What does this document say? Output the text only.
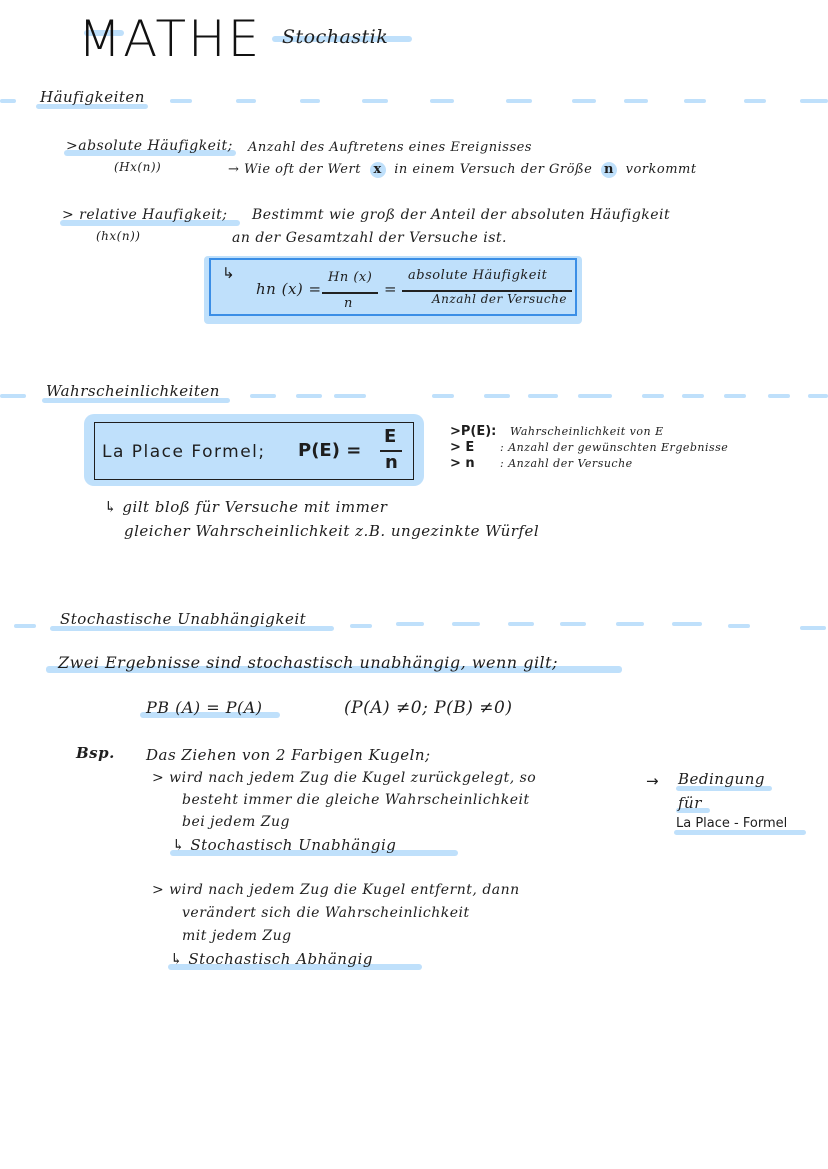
MATHE Stochastik
Häufigkeiten
>absolute Häufigkeit; Anzahl des Auftretens eines Ereignisses
(Hx(n))	→ Wie oft der Wert x in einem Versuch der Größe n vorkommt
> relative Haufigkeit; Bestimmt wie groß der Anteil der absoluten Häufigkeit
(hx(n))	an der Gesamtzahl der Versuche ist.
↳
hn (x) =
Hn (x)
n
=
absolute Häufigkeit
Anzahl der Versuche
Wahrscheinlichkeiten
La Place Formel; P(E) =
E
n
>P(E): Wahrscheinlichkeit von E
> E : Anzahl der gewünschten Ergebnisse
> n : Anzahl der Versuche
↳ gilt bloß für Versuche mit immer
gleicher Wahrscheinlichkeit z.B. ungezinkte Würfel
Stochastische Unabhängigkeit
Zwei Ergebnisse sind stochastisch unabhängig, wenn gilt;
PB (A) = P(A)	(P(A) ≠0; P(B) ≠0)
Bsp. Das Ziehen von 2 Farbigen Kugeln;
> wird nach jedem Zug die Kugel zurückgelegt, so
besteht immer die gleiche Wahrscheinlichkeit
bei jedem Zug
↳ Stochastisch Unabhängig
→ Bedingung
für
La Place - Formel
> wird nach jedem Zug die Kugel entfernt, dann
verändert sich die Wahrscheinlichkeit
mit jedem Zug
↳ Stochastisch Abhängig
